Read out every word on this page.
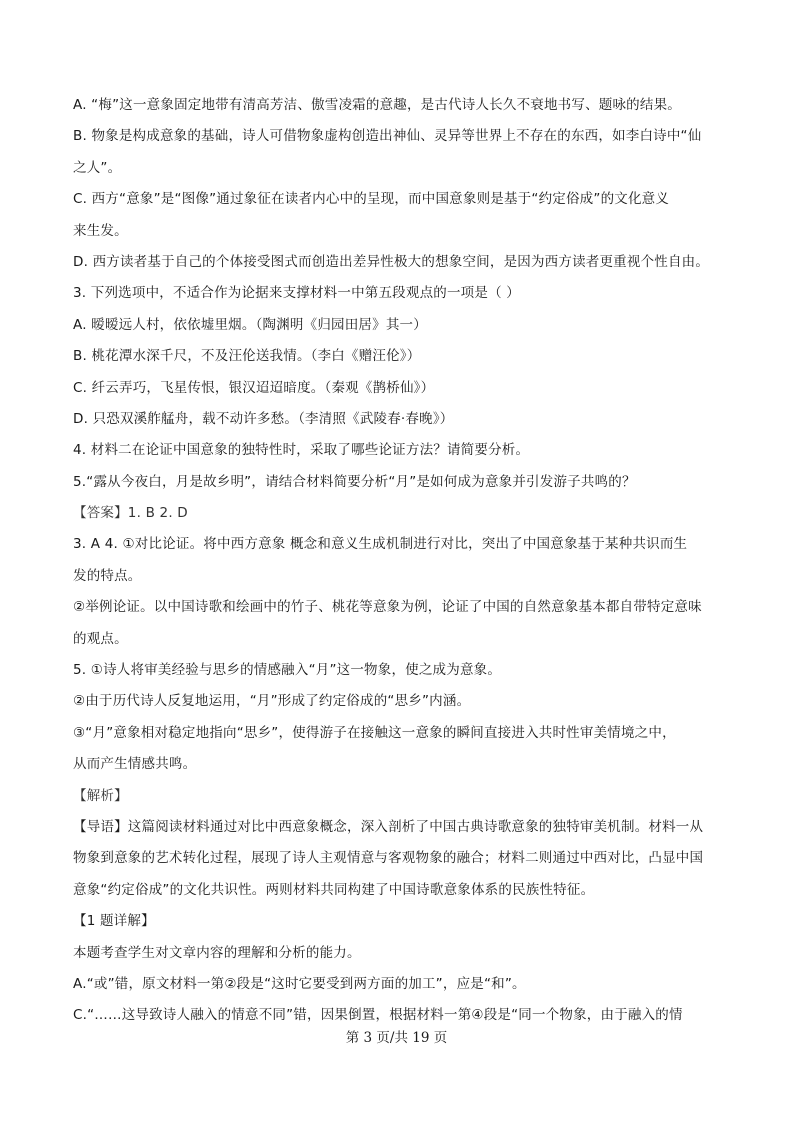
A. “梅”这一意象固定地带有清高芳洁、傲雪凌霜的意趣，是古代诗人长久不衰地书写、题咏的结果。
B. 物象是构成意象的基础，诗人可借物象虚构创造出神仙、灵异等世界上不存在的东西，如李白诗中“仙
之人”。
C. 西方“意象”是“图像”通过象征在读者内心中的呈现，而中国意象则是基于“约定俗成”的文化意义
来生发。
D. 西方读者基于自己的个体接受图式而创造出差异性极大的想象空间，是因为西方读者更重视个性自由。
3. 下列选项中，不适合作为论据来支撑材料一中第五段观点的一项是（ ）
A. 暧暧远人村，依依墟里烟。（陶渊明《归园田居》其一）
B. 桃花潭水深千尺，不及汪伦送我情。（李白《赠汪伦》）
C. 纤云弄巧，飞星传恨，银汉迢迢暗度。（秦观《鹊桥仙》）
D. 只恐双溪舴艋舟，载不动许多愁。（李清照《武陵春·春晚》）
4. 材料二在论证中国意象的独特性时，采取了哪些论证方法？请简要分析。
5.“露从今夜白，月是故乡明”，请结合材料简要分析“月”是如何成为意象并引发游子共鸣的？
【答案】1. B 2. D
3. A 4. ①对比论证。将中西方意象 概念和意义生成机制进行对比，突出了中国意象基于某种共识而生
发的特点。
②举例论证。以中国诗歌和绘画中的竹子、桃花等意象为例，论证了中国的自然意象基本都自带特定意味
的观点。
5. ①诗人将审美经验与思乡的情感融入“月”这一物象，使之成为意象。
②由于历代诗人反复地运用，“月”形成了约定俗成的“思乡”内涵。
③“月”意象相对稳定地指向“思乡”，使得游子在接触这一意象的瞬间直接进入共时性审美情境之中，
从而产生情感共鸣。
【解析】
【导语】这篇阅读材料通过对比中西意象概念，深入剖析了中国古典诗歌意象的独特审美机制。材料一从
物象到意象的艺术转化过程，展现了诗人主观情意与客观物象的融合；材料二则通过中西对比，凸显中国
意象“约定俗成”的文化共识性。两则材料共同构建了中国诗歌意象体系的民族性特征。
【1 题详解】
本题考查学生对文章内容的理解和分析的能力。
A.“或”错，原文材料一第②段是“这时它要受到两方面的加工”，应是“和”。
C.“……这导致诗人融入的情意不同”错，因果倒置，根据材料一第④段是“同一个物象，由于融入的情
第 3 页/共 19 页
